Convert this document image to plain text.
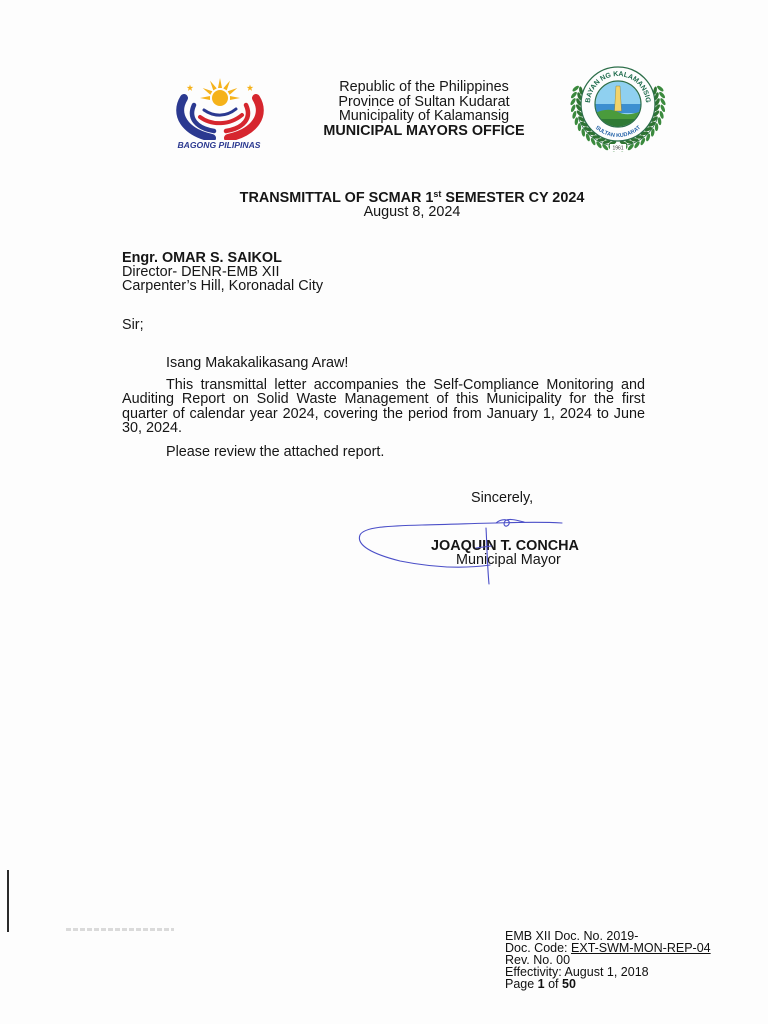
BAGONG PILIPINAS
Republic of the Philippines
Province of Sultan Kudarat
Municipality of Kalamansig
MUNICIPAL MAYORS OFFICE
BAYAN NG KALAMANSIG
SULTAN KUDARAT
1961
TRANSMITTAL OF SCMAR 1st SEMESTER CY 2024
August 8, 2024
Engr. OMAR S. SAIKOL
Director- DENR-EMB XII
Carpenter’s Hill, Koronadal City
Sir;
Isang Makakalikasang Araw!
This transmittal letter accompanies the Self-Compliance Monitoring and
Auditing Report on Solid Waste Management of this Municipality for the first
quarter of calendar year 2024, covering the period from January 1, 2024 to June
30, 2024.
Please review the attached report.
Sincerely,
JOAQUIN T. CONCHA
Municipal Mayor
EMB XII Doc. No. 2019-
Doc. Code: EXT-SWM-MON-REP-04
Rev. No. 00
Effectivity: August 1, 2018
Page 1 of 50
